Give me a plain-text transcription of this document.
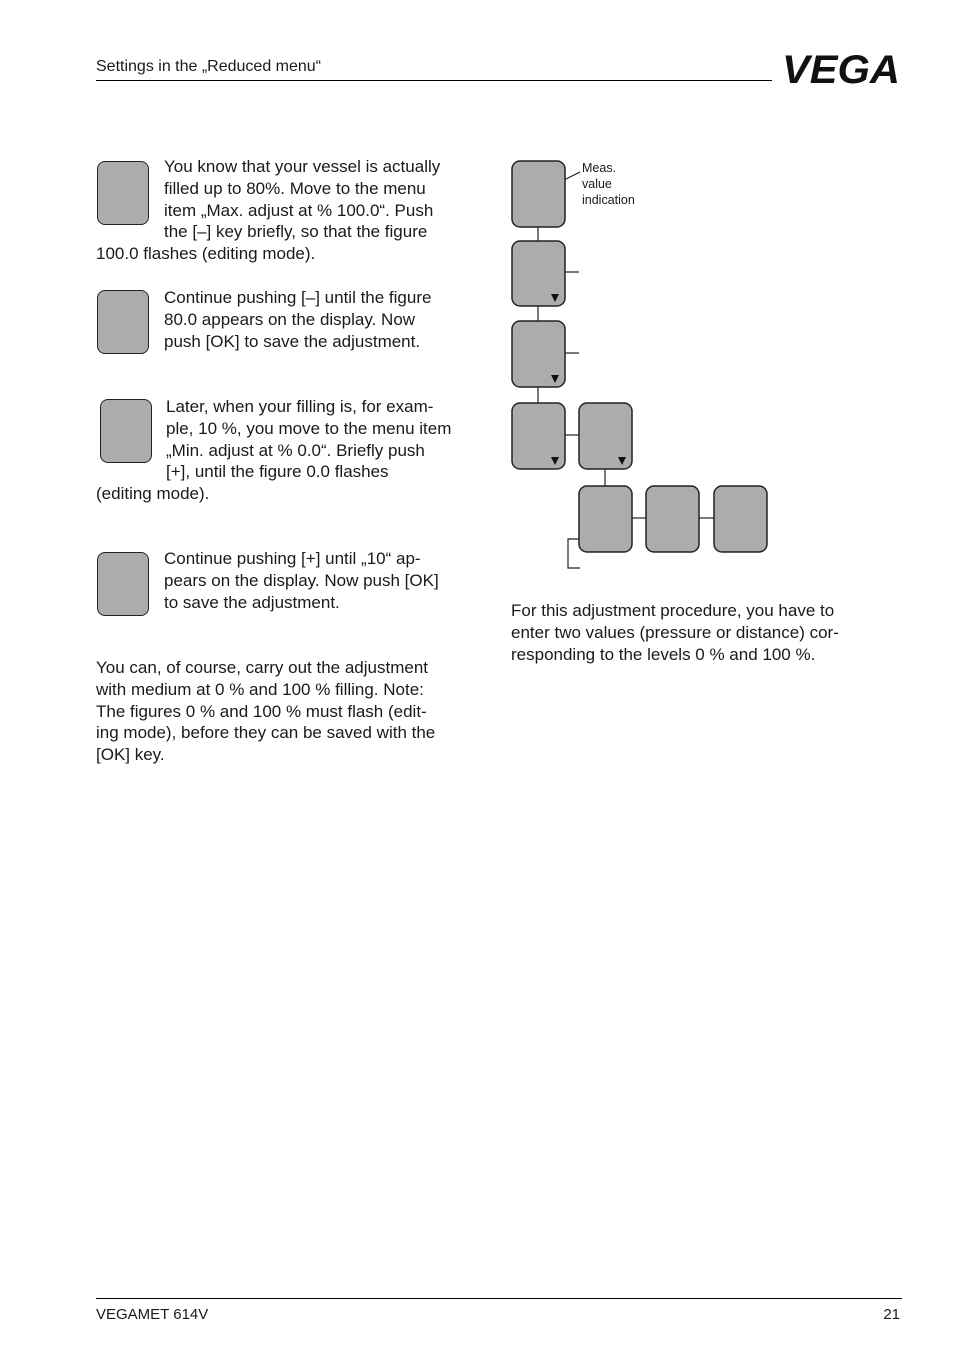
Settings in the „Reduced menu“	VEGA

You know that your vessel is actually

filled up to 80%. Move to the menu

item „Max. adjust at % 100.0“. Push

the [–] key briefly, so that the figure

100.0 flashes (editing mode).

Continue pushing [–] until the figure

80.0 appears on the display. Now

push [OK] to save the adjustment.

Later, when your filling is, for exam-

ple, 10 %, you move to the menu item

„Min. adjust at % 0.0“. Briefly push

[+], until the figure 0.0 flashes

(editing mode).

Continue pushing [+] until „10“ ap-

pears on the display. Now push [OK]

to save the adjustment.

You can, of course, carry out the adjustment

with medium at 0 % and 100 % filling. Note:

The figures 0 % and 100 % must flash (edit-

ing mode), before they can be saved with the

[OK] key.

Meas.
value
indication

For this adjustment procedure, you have to

enter two values (pressure or distance) cor-

responding to the levels 0 % and 100 %.

VEGAMET 614V	21
